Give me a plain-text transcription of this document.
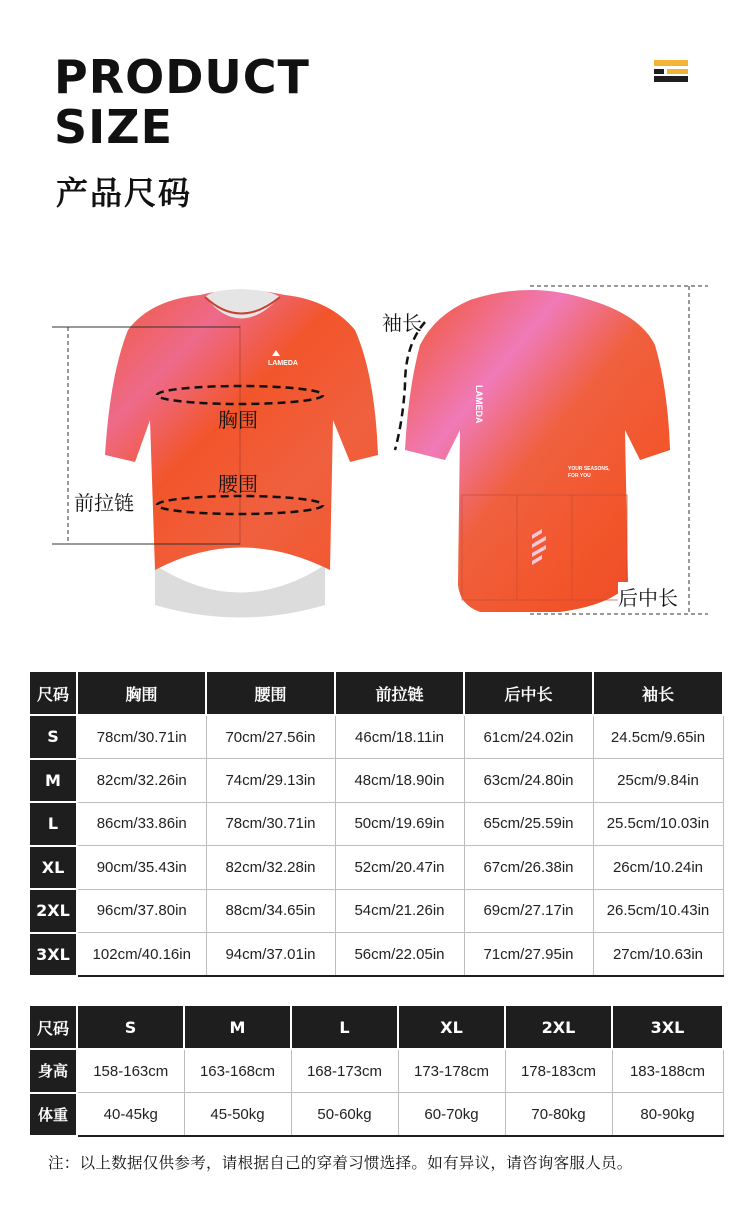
PRODUCT
SIZE
产品尺码
LAMEDA
LAMEDA
YOUR SEASONS,
FOR YOU
胸围
腰围
前拉链
袖长
后中长
尺码	胸围	腰围	前拉链	后中长	袖长
S	78cm/30.71in	70cm/27.56in	46cm/18.11in	61cm/24.02in	24.5cm/9.65in
M	82cm/32.26in	74cm/29.13in	48cm/18.90in	63cm/24.80in	25cm/9.84in
L	86cm/33.86in	78cm/30.71in	50cm/19.69in	65cm/25.59in	25.5cm/10.03in
XL	90cm/35.43in	82cm/32.28in	52cm/20.47in	67cm/26.38in	26cm/10.24in
2XL	96cm/37.80in	88cm/34.65in	54cm/21.26in	69cm/27.17in	26.5cm/10.43in
3XL	102cm/40.16in	94cm/37.01in	56cm/22.05in	71cm/27.95in	27cm/10.63in
尺码	S	M	L	XL	2XL	3XL
身高	158-163cm	163-168cm	168-173cm	173-178cm	178-183cm	183-188cm
体重	40-45kg	45-50kg	50-60kg	60-70kg	70-80kg	80-90kg
注：以上数据仅供参考，请根据自己的穿着习惯选择。如有异议，请咨询客服人员。
